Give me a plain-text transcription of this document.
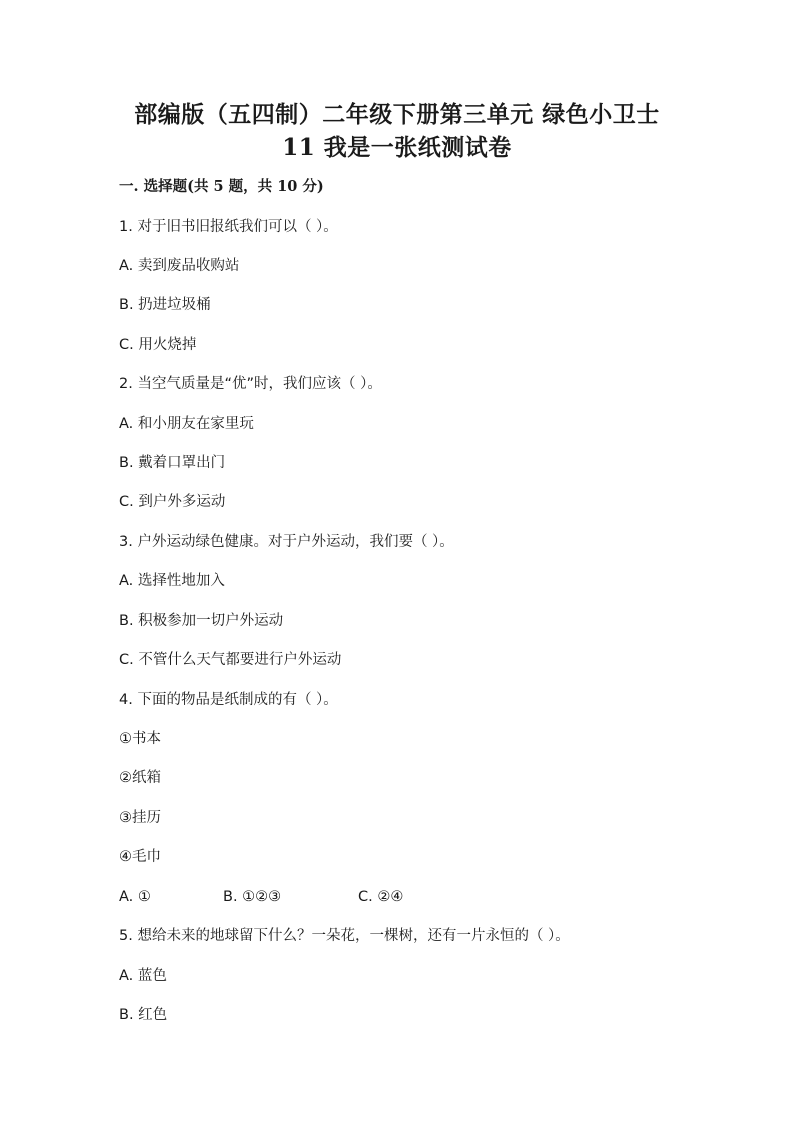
部编版（五四制）二年级下册第三单元 绿色小卫士
11 我是一张纸测试卷
一. 选择题(共 5 题，共 10 分)
1. 对于旧书旧报纸我们可以（ ）。
A. 卖到废品收购站
B. 扔进垃圾桶
C. 用火烧掉
2. 当空气质量是“优”时，我们应该（ ）。
A. 和小朋友在家里玩
B. 戴着口罩出门
C. 到户外多运动
3. 户外运动绿色健康。对于户外运动，我们要（ ）。
A. 选择性地加入
B. 积极参加一切户外运动
C. 不管什么天气都要进行户外运动
4. 下面的物品是纸制成的有（ ）。
①书本
②纸箱
③挂历
④毛巾
A. ①	B. ①②③	C. ②④
5. 想给未来的地球留下什么？一朵花，一棵树，还有一片永恒的（ ）。
A. 蓝色
B. 红色
